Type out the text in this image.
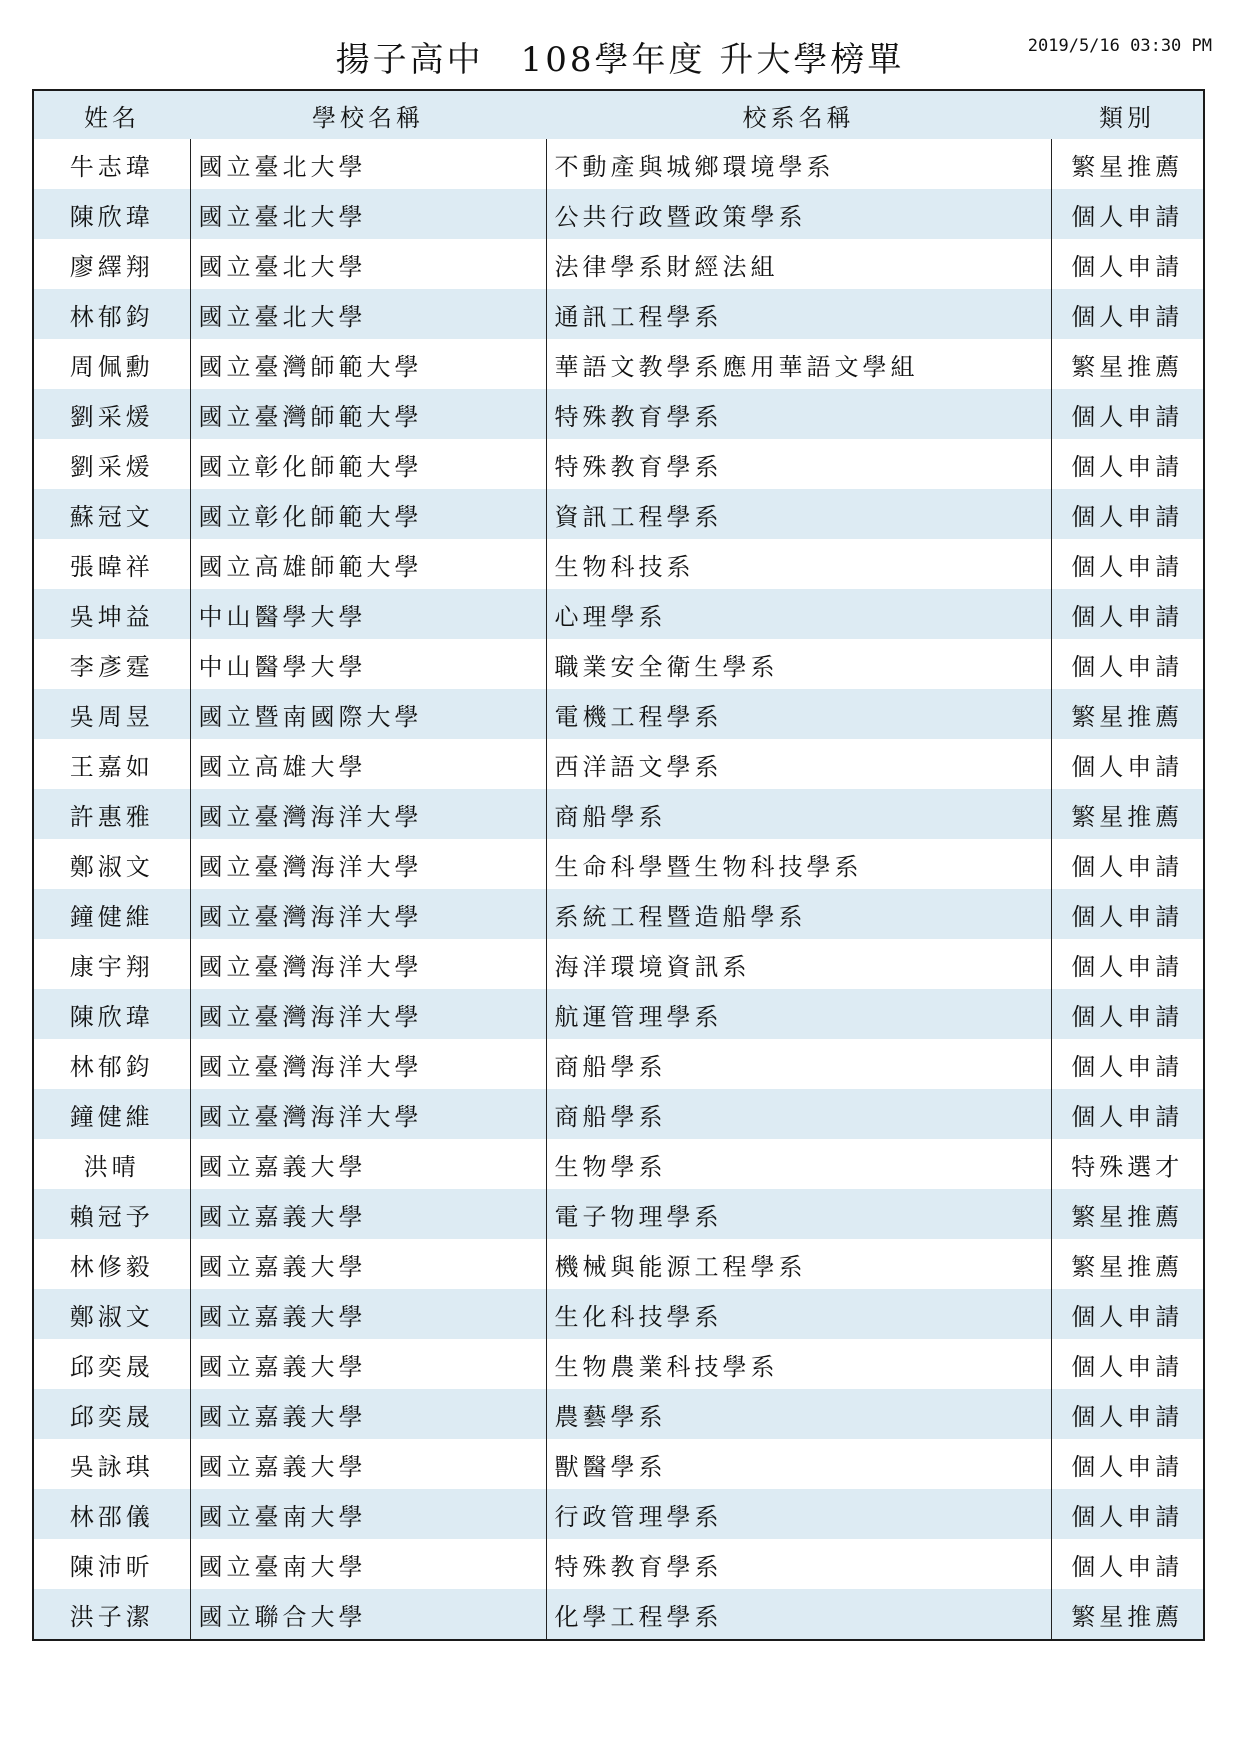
揚子高中　108學年度 升大學榜單	2019/5/16 03:30 PM
姓名	學校名稱	校系名稱	類別
牛志瑋	國立臺北大學	不動產與城鄉環境學系	繁星推薦
陳欣瑋	國立臺北大學	公共行政暨政策學系	個人申請
廖繹翔	國立臺北大學	法律學系財經法組	個人申請
林郁鈞	國立臺北大學	通訊工程學系	個人申請
周佩勳	國立臺灣師範大學	華語文教學系應用華語文學組	繁星推薦
劉采煖	國立臺灣師範大學	特殊教育學系	個人申請
劉采煖	國立彰化師範大學	特殊教育學系	個人申請
蘇冠文	國立彰化師範大學	資訊工程學系	個人申請
張暐祥	國立高雄師範大學	生物科技系	個人申請
吳坤益	中山醫學大學	心理學系	個人申請
李彥霆	中山醫學大學	職業安全衛生學系	個人申請
吳周昱	國立暨南國際大學	電機工程學系	繁星推薦
王嘉如	國立高雄大學	西洋語文學系	個人申請
許惠雅	國立臺灣海洋大學	商船學系	繁星推薦
鄭淑文	國立臺灣海洋大學	生命科學暨生物科技學系	個人申請
鐘健維	國立臺灣海洋大學	系統工程暨造船學系	個人申請
康宇翔	國立臺灣海洋大學	海洋環境資訊系	個人申請
陳欣瑋	國立臺灣海洋大學	航運管理學系	個人申請
林郁鈞	國立臺灣海洋大學	商船學系	個人申請
鐘健維	國立臺灣海洋大學	商船學系	個人申請
洪晴	國立嘉義大學	生物學系	特殊選才
賴冠予	國立嘉義大學	電子物理學系	繁星推薦
林修毅	國立嘉義大學	機械與能源工程學系	繁星推薦
鄭淑文	國立嘉義大學	生化科技學系	個人申請
邱奕晟	國立嘉義大學	生物農業科技學系	個人申請
邱奕晟	國立嘉義大學	農藝學系	個人申請
吳詠琪	國立嘉義大學	獸醫學系	個人申請
林邵儀	國立臺南大學	行政管理學系	個人申請
陳沛昕	國立臺南大學	特殊教育學系	個人申請
洪子潔	國立聯合大學	化學工程學系	繁星推薦
